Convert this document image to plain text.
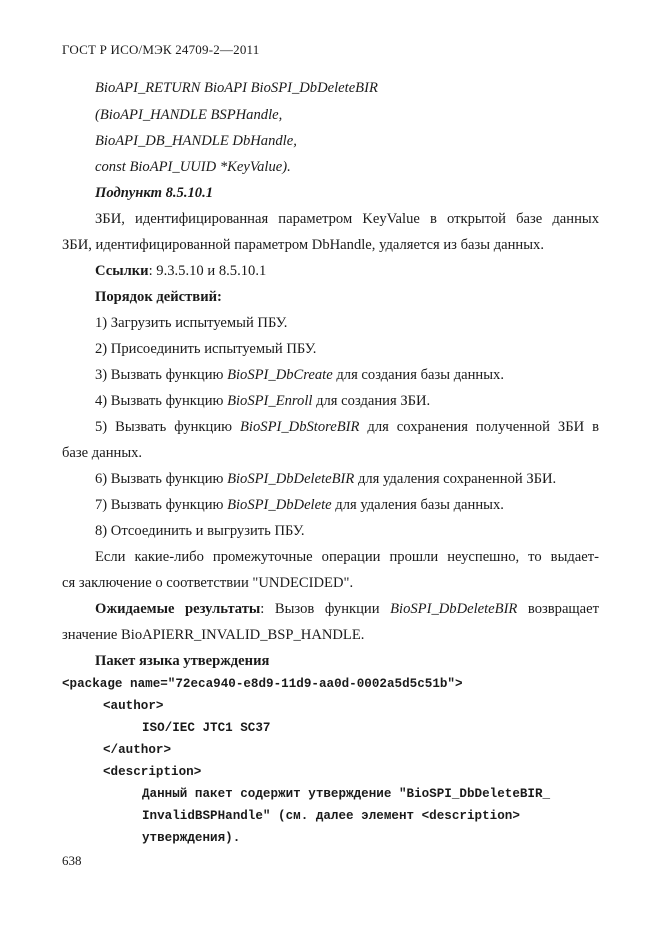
ГОСТ Р ИСО/МЭК 24709-2—2011
BioAPI_RETURN BioAPI BioSPI_DbDeleteBIR
(BioAPI_HANDLE BSPHandle,
BioAPI_DB_HANDLE DbHandle,
const BioAPI_UUID *KeyValue).
Подпункт 8.5.10.1
ЗБИ, идентифицированная параметром KeyValue в открытой базе данных
ЗБИ, идентифицированной параметром DbHandle, удаляется из базы данных.
Ссылки: 9.3.5.10 и 8.5.10.1
Порядок действий:
1) Загрузить испытуемый ПБУ.
2) Присоединить испытуемый ПБУ.
3) Вызвать функцию BioSPI_DbCreate для создания базы данных.
4) Вызвать функцию BioSPI_Enroll для создания ЗБИ.
5) Вызвать функцию BioSPI_DbStoreBIR для сохранения полученной ЗБИ в
базе данных.
6) Вызвать функцию BioSPI_DbDeleteBIR для удаления сохраненной ЗБИ.
7) Вызвать функцию BioSPI_DbDelete для удаления базы данных.
8) Отсоединить и выгрузить ПБУ.
Если какие-либо промежуточные операции прошли неуспешно, то выдает-
ся заключение о соответствии "UNDECIDED".
Ожидаемые результаты: Вызов функции BioSPI_DbDeleteBIR возвращает
значение BioAPIERR_INVALID_BSP_HANDLE.
Пакет языка утверждения
<package name="72eca940-e8d9-11d9-aa0d-0002a5d5c51b">
<author>
ISO/IEC JTC1 SC37
</author>
<description>
Данный пакет содержит утверждение "BioSPI_DbDeleteBIR_
InvalidBSPHandle" (см. далее элемент <description>
утверждения).
638
